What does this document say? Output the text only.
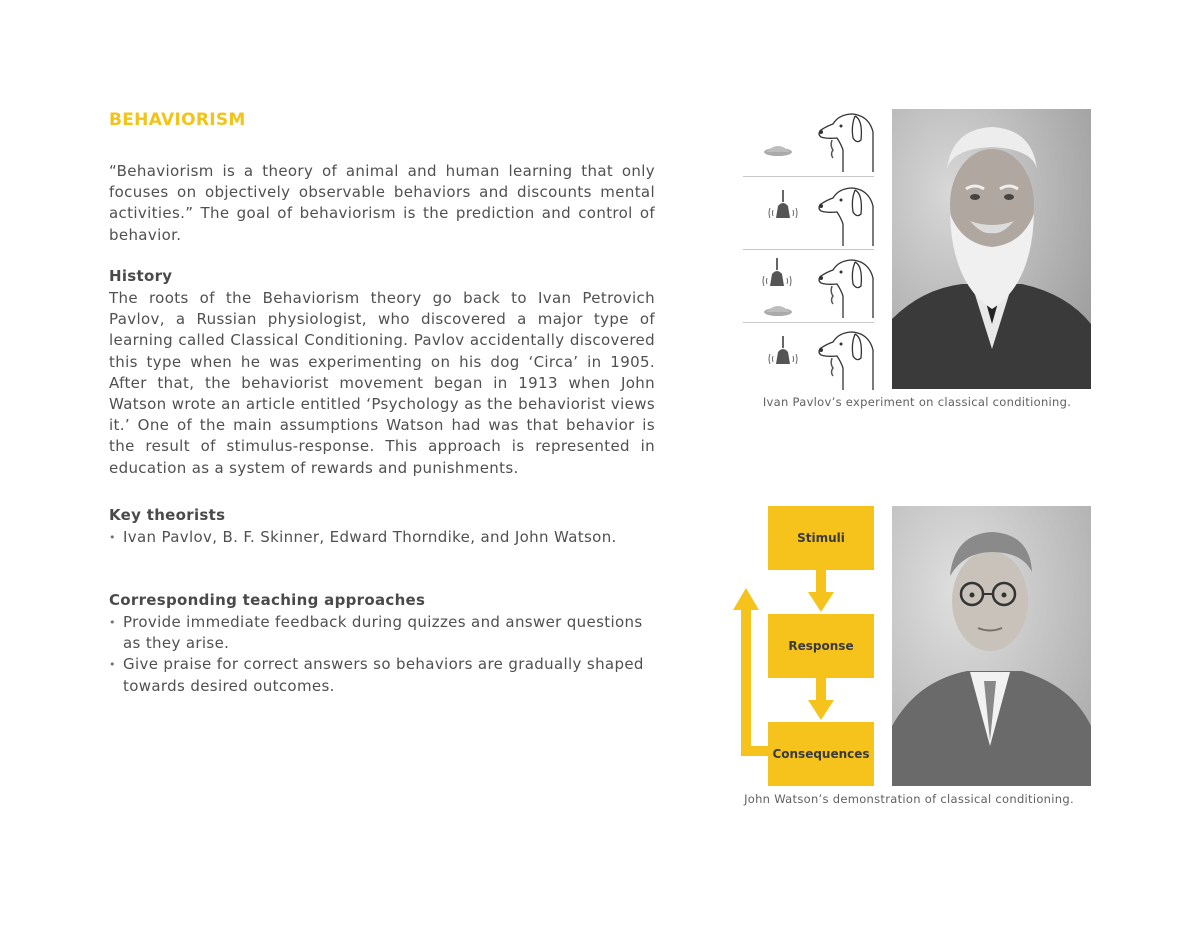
BEHAVIORISM

“Behaviorism is a theory of animal and human learning that only focuses on objectively observable behaviors and discounts mental activities.” The goal of behaviorism is the prediction and control of behavior.

History

The roots of the Behaviorism theory go back to Ivan Petrovich Pavlov, a Russian physiologist, who discovered a major type of learning called Classical Conditioning. Pavlov accidentally discovered this type when he was experimenting on his dog ‘Circa’ in 1905. After that, the behaviorist movement began in 1913 when John Watson wrote an article entitled ‘Psychology as the behaviorist views it.’ One of the main assumptions Watson had was that behavior is the result of stimulus-response. This approach is represented in education as a system of rewards and punishments.

Key theorists
• Ivan Pavlov, B. F. Skinner, Edward Thorndike, and John Watson.
Corresponding teaching approaches
• Provide immediate feedback during quizzes and answer questions as they arise.
• Give praise for correct answers so behaviors are gradually shaped towards desired outcomes.
Ivan Pavlov’s experiment on classical conditioning.
Stimuli
Response
Consequences
John Watson’s demonstration of classical conditioning.
